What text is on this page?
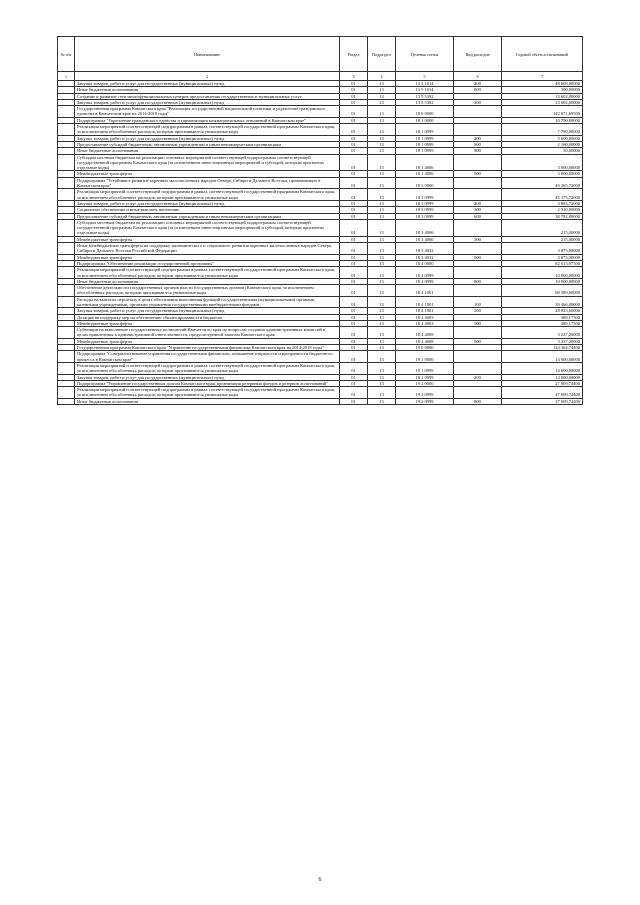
№ п/п	Наименование	Раздел	Подраздел	Целевая статья	Вид расходов	Годовой объем ассигнований
1	2	3	4	5	6	7
	Закупка товаров, работ и услуг для государственных (муниципальных) нужд	01	13	13 5 1014	200	48 608,00000
	Иные бюджетные ассигнования	01	13	13 5 1014	800	300,00000
	Создание и развитие сети многофункциональных центров предоставления государственных и муниципальных услуг	01	13	13 5 5392		13 602,00000
	Закупка товаров, работ и услуг для государственных (муниципальных) нужд	01	13	13 5 5392	200	13 602,00000
	Государственная программа Камчатского края "Реализация государственной национальной политики и укрепление гражданского единства в Камчатском крае на 2014-2018 годы"	01	13	18 0 0000		142 071,69500
	Подпрограмма "Укрепление гражданского единства и гармонизация межнациональных отношений в Камчатском крае"	01	13	18 1 0000		10 790,00000
	Реализация мероприятий соответствующей подпрограммы в рамках соответствующей государственной программы Камчатского края, за исключением обособленных расходов, которым присваиваются уникальные коды	01	13	18 1 0999		7 790,00000
	Закупка товаров, работ и услуг для государственных (муниципальных) нужд	01	13	18 1 0999	200	5 600,00000
	Предоставление субсидий бюджетным, автономным учреждениям и иным некоммерческим организациям	01	13	18 1 0999	600	2 160,00000
	Иные бюджетные ассигнования	01	13	18 1 0999	800	30,00000
	Субсидии местным бюджетам на реализацию основных мероприятий соответствующей подпрограммы соответствующей государственной программы Камчатского края (за исключением инвестиционных мероприятий и субсидий, которым присвоены отдельные коды)	01	13	18 1 4006		3 000,00000
	Межбюджетные трансферты	01	13	18 1 4006	500	3 000,00000
	Подпрограмма "Устойчивое развитие коренных малочисленных народов Севера, Сибири и Дальнего Востока, проживающих в Камчатском крае"	01	13	18 3 0000		49 265,72000
	Реализация мероприятий соответствующей подпрограммы в рамках соответствующей государственной программы Камчатского края, за исключением обособленных расходов, которым присваиваются уникальные коды	01	13	18 3 0999		45 175,72000
	Закупка товаров, работ и услуг для государственных (муниципальных) нужд	01	13	18 3 0999	200	3 883,72000
	Социальное обеспечение и иные выплаты населению	01	13	18 3 0999	300	2 510,00000
	Предоставление субсидий бюджетным, автономным учреждениям и иным некоммерческим организациям	01	13	18 3 0999	600	38 782,00000
	Субсидии местным бюджетам на реализацию основных мероприятий соответствующей подпрограммы соответствующей государственной программы Камчатского края (за исключением инвестиционных мероприятий и субсидий, которым присвоены отдельные коды)	01	13	18 3 4006		215,00000
	Межбюджетные трансферты	01	13	18 3 4006	500	215,00000
	Иные межбюджетные трансферты на поддержку экономического и социального развития коренных малочисленных народов Севера, Сибири и Дальнего Востока Российской Федерации	01	13	18 3 4032		3 875,00000
	Межбюджетные трансферты	01	13	18 3 4032	500	3 875,00000
	Подпрограмма "Обеспечение реализации государственной программы"	01	13	18 4 0000		82 015,97500
	Реализация мероприятий соответствующей подпрограммы в рамках соответствующей государственной программы Камчатского края, за исключением обособленных расходов, которым присваиваются уникальные коды	01	13	18 4 0999		10 000,00000
	Иные бюджетные ассигнования	01	13	18 4 0999	800	10 000,00000
	Обеспечение деятельности государственных органов власти (государственных органов) Камчатского края, за исключением обособленных расходов, которым присваиваются уникальные коды	01	13	18 4 1001		68 389,60000
	Расходы на выплаты персоналу в целях обеспечения выполнения функций государственными (муниципальными) органами, казенными учреждениями, органами управления государственными внебюджетными фондами	01	13	18 4 1001	100	39 466,00000
	Закупка товаров, работ и услуг для государственных (муниципальных) нужд	01	13	18 4 1001	200	28 923,60000
	Дотации на поддержку мер по обеспечению сбалансированности бюджетов	01	13	18 4 4003		389,17500
	Межбюджетные трансферты	01	13	18 4 4003	500	389,17500
	Субвенции на выполнение государственных полномочий Камчатского края по вопросам создания административных комиссий в целях привлечения к административной ответственности, предусмотренной законом Камчатского края	01	13	18 4 4008		3 237,20000
	Межбюджетные трансферты	01	13	18 4 4008	500	3 237,20000
	Государственная программа Камчатского края "Управление государственными финансами Камчатского края на 2014-2018 годы"	01	13	19 0 0000		124 364,74400
	Подпрограмма "Совершенствование управления государственными финансами, повышение открытости и прозрачности бюджетного процесса в Камчатском крае"	01	13	19 1 0000		14 000,00000
	Реализация мероприятий соответствующей подпрограммы в рамках соответствующей государственной программы Камчатского края, за исключением обособленных расходов, которым присваиваются уникальные коды	01	13	19 1 0999		14 000,00000
	Закупка товаров, работ и услуг для государственных (муниципальных) нужд	01	13	19 1 0999	200	14 000,00000
	Подпрограмма "Управление государственным долгом Камчатского края, организация резервных фондов и резервов ассигнований"	01	13	19 2 0000		27 009,74400
	Реализация мероприятий соответствующей подпрограммы в рамках соответствующей государственной программы Камчатского края, за исключением обособленных расходов, которым присваиваются уникальные коды	01	13	19 2 0999		27 009,74400
	Иные бюджетные ассигнования	01	13	19 2 0999	800	27 009,74400
6
